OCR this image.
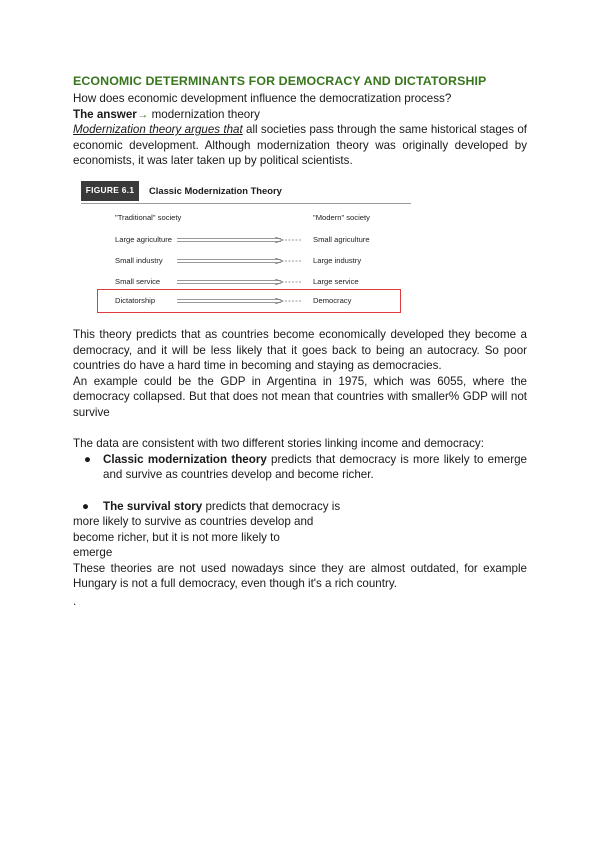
ECONOMIC DETERMINANTS FOR DEMOCRACY AND DICTATORSHIP

How does economic development influence the democratization process?

The answer→ modernization theory

Modernization theory argues that all societies pass through the same historical stages of economic development. Although modernization theory was originally developed by economists, it was later taken up by political scientists.

FIGURE 6.1	Classic Modernization Theory
"Traditional" society	"Modern" society
Large agriculture	Small agriculture
Small industry	Large industry
Small service	Large service
Dictatorship	Democracy

This theory predicts that as countries become economically developed they become a democracy, and it will be less likely that it goes back to being an autocracy. So poor countries do have a hard time in becoming and staying as democracies.

An example could be the GDP in Argentina in 1975, which was 6055, where the democracy collapsed. But that does not mean that countries with smaller% GDP will not survive

The data are consistent with two different stories linking income and democracy:

●	Classic modernization theory predicts that democracy is more likely to emerge and survive as countries develop and become richer.

●	The survival story predicts that democracy is

more likely to survive as countries develop and

become richer, but it is not more likely to

emerge

These theories are not used nowadays since they are almost outdated, for example Hungary is not a full democracy, even though it's a rich country.

.
